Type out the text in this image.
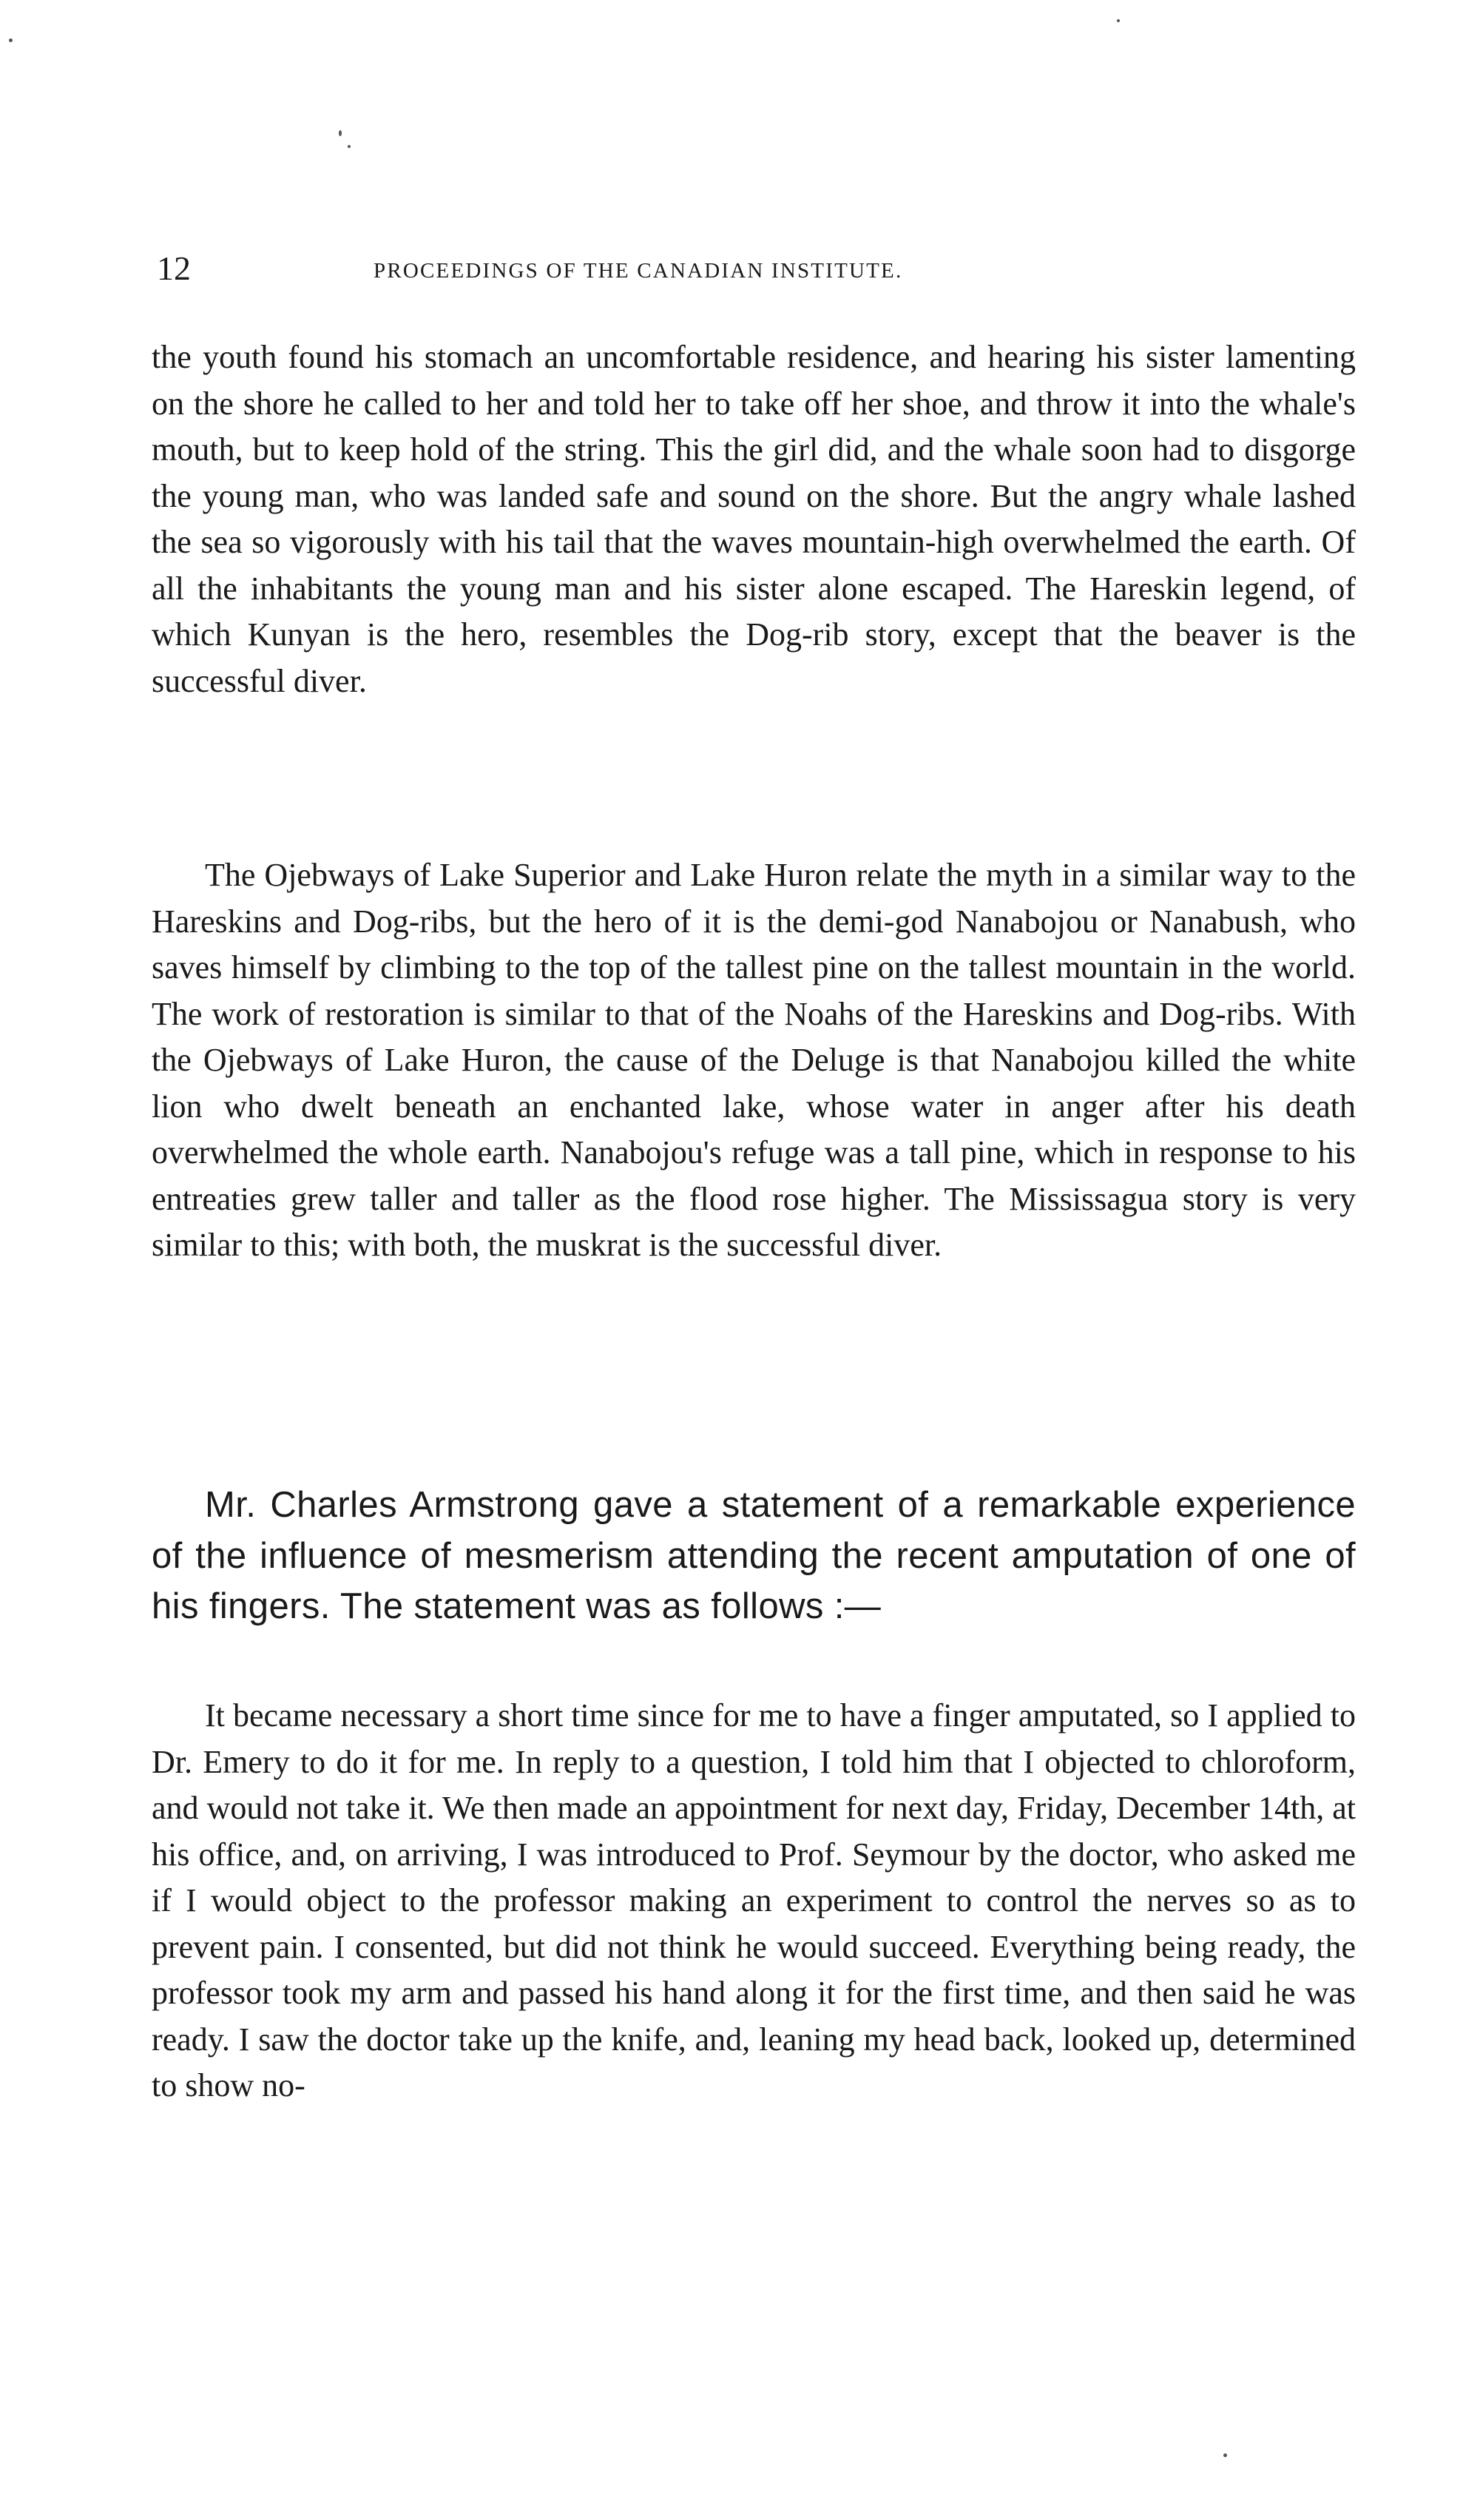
12	PROCEEDINGS OF THE CANADIAN INSTITUTE.

the youth found his stomach an uncomfortable residence, and hearing his sister lamenting on the shore he called to her and told her to take off her shoe, and throw it into the whale's mouth, but to keep hold of the string. This the girl did, and the whale soon had to disgorge the young man, who was landed safe and sound on the shore. But the angry whale lashed the sea so vigorously with his tail that the waves mountain-high overwhelmed the earth. Of all the inhabitants the young man and his sister alone escaped. The Hareskin legend, of which Kunyan is the hero, resembles the Dog-rib story, except that the beaver is the successful diver.

The Ojebways of Lake Superior and Lake Huron relate the myth in a similar way to the Hareskins and Dog-ribs, but the hero of it is the demi-god Nanabojou or Nanabush, who saves himself by climbing to the top of the tallest pine on the tallest mountain in the world. The work of restoration is similar to that of the Noahs of the Hareskins and Dog-ribs. With the Ojebways of Lake Huron, the cause of the Deluge is that Nanabojou killed the white lion who dwelt beneath an enchanted lake, whose water in anger after his death overwhelmed the whole earth. Nanabojou's refuge was a tall pine, which in response to his entreaties grew taller and taller as the flood rose higher. The Mississagua story is very similar to this; with both, the muskrat is the successful diver.

Mr. Charles Armstrong gave a statement of a remarkable experience of the influence of mesmerism attending the recent amputation of one of his fingers. The statement was as follows :—

It became necessary a short time since for me to have a finger amputated, so I applied to Dr. Emery to do it for me. In reply to a question, I told him that I objected to chloroform, and would not take it. We then made an appointment for next day, Friday, December 14th, at his office, and, on arriving, I was introduced to Prof. Seymour by the doctor, who asked me if I would object to the professor making an experiment to control the nerves so as to prevent pain. I consented, but did not think he would succeed. Everything being ready, the professor took my arm and passed his hand along it for the first time, and then said he was ready. I saw the doctor take up the knife, and, leaning my head back, looked up, determined to show no-
